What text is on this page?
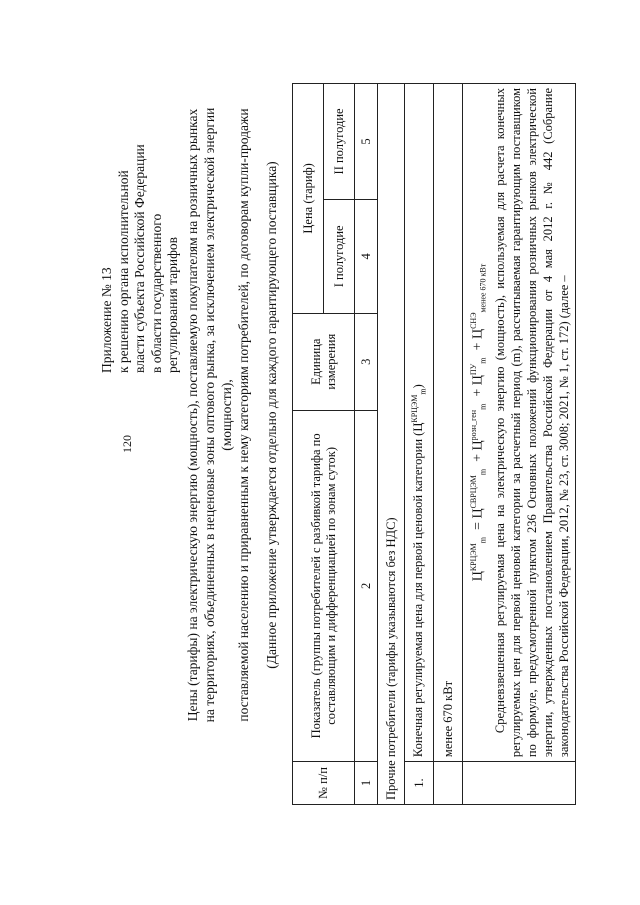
120
Приложение № 13 к решению органа исполнительной власти субъекта Российской Федерации в области государственного регулирования тарифов Цены (тарифы) на электрическую энергию (мощность), поставляемую покупателям на розничных рынках на территориях, объединенных в неценовые зоны оптового рынка, за исключением электрической энергии (мощности), поставляемой населению и приравненным к нему категориям потребителей, по договорам купли-продажи (Данное приложение утверждается отдельно для каждого гарантирующего поставщика)
№ п/п	Показатель (группы потребителей с разбивкой тарифа по составляющим и дифференциацией по зонам суток)	Единица измерения	Цена (тариф)	
			I полугодие	II полугодие
1	2	3	4	5
Прочие потребители (тарифы указываются без НДС)				
1.	Конечная регулируемая цена для первой ценовой категории $(Ц^{КРЦЭМ}_m)$			
	менее 670 кВт			

	$Ц^{КРЦЭМ}_m = Ц^{СВРЦЭМ}_m + Ц^{розн\_ген}_m + Ц^{ПУ}_m + Ц^{СНЭ}_{менее 670 кВт}$ Средневзвешенная регулируемая цена на электрическую энергию (мощность), используемая для расчета конечных регулируемых цен для первой ценовой категории за расчетный период (m), рассчитываемая гарантирующим поставщиком по формуле, предусмотренной пунктом 236 Основных положений функционирования розничных рынков электрической энергии, утвержденных постановлением Правительства Российской Федерации от 4 мая 2012 г. № 442 (Собрание законодательства Российской Федерации, 2012, № 23, ст. 3008; 2021, № 1, ст. 172) (далее –			
